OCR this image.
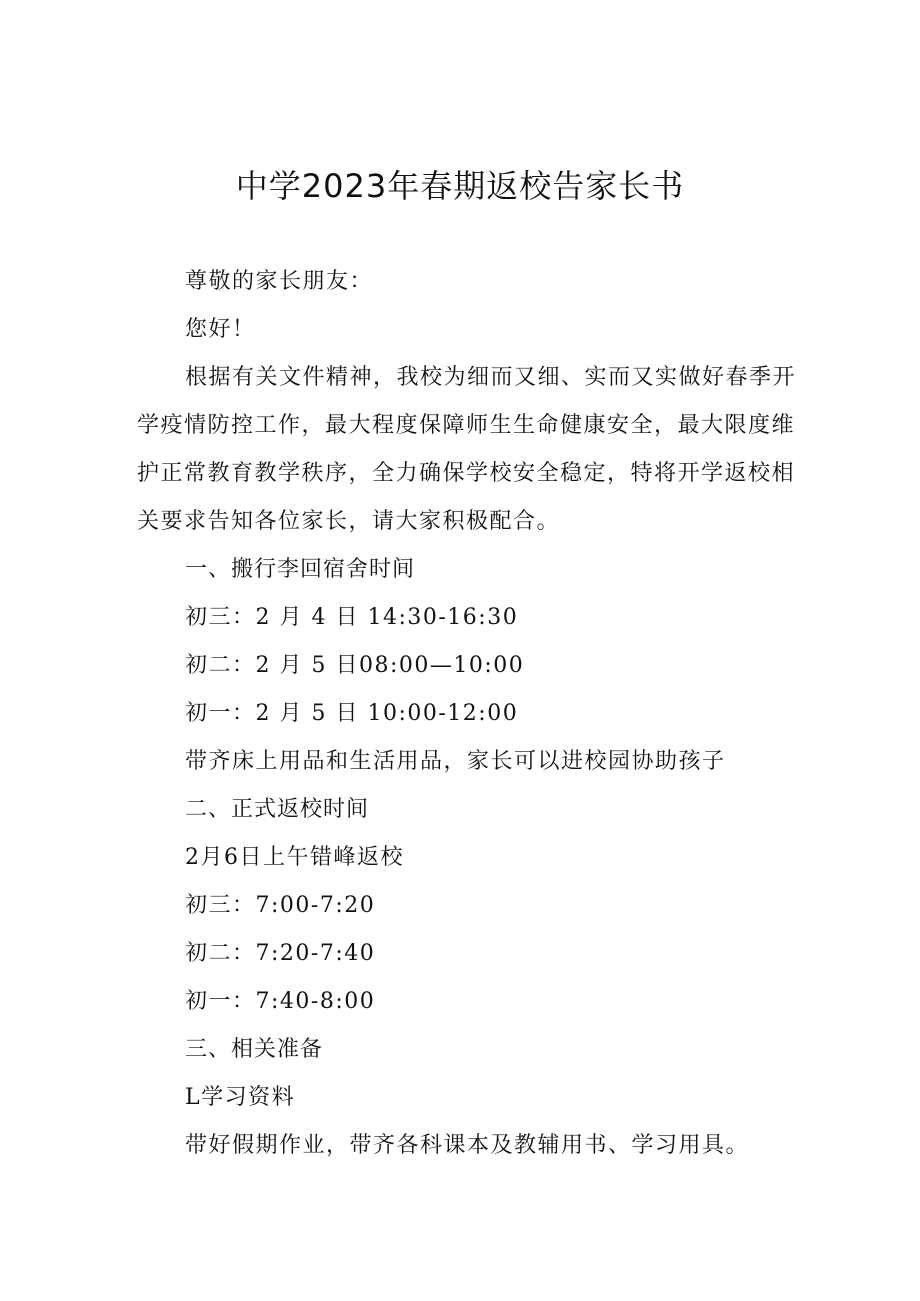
中学2023年春期返校告家长书
尊敬的家长朋友：
您好！
根据有关文件精神，我校为细而又细、实而又实做好春季开
学疫情防控工作，最大程度保障师生生命健康安全，最大限度维
护正常教育教学秩序，全力确保学校安全稳定，特将开学返校相
关要求告知各位家长，请大家积极配合。
一、搬行李回宿舍时间
初三：2 月 4 日 14:30-16:30
初二：2 月 5 日08:00—10:00
初一：2 月 5 日 10:00-12:00
带齐床上用品和生活用品，家长可以进校园协助孩子
二、正式返校时间
2月6日上午错峰返校
初三：7:00-7:20
初二：7:20-7:40
初一：7:40-8:00
三、相关准备
L学习资料
带好假期作业，带齐各科课本及教辅用书、学习用具。
